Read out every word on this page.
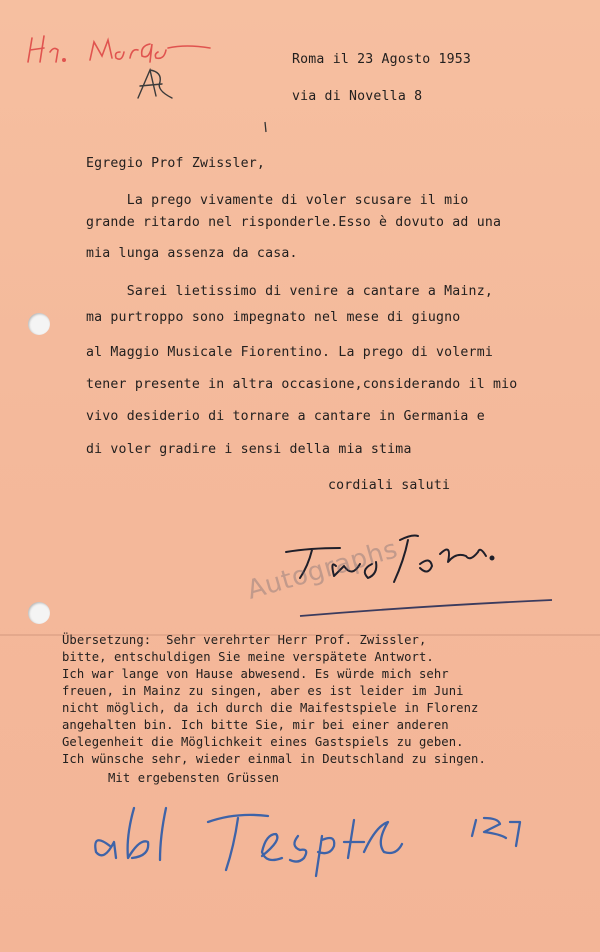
Autographs
Roma il 23 Agosto 1953
via di Novella 8
Egregio Prof Zwissler,
La prego vivamente di voler scusare il mio
grande ritardo nel risponderle.Esso è dovuto ad una
mia lunga assenza da casa.
Sarei lietissimo di venire a cantare a Mainz,
ma purtroppo sono impegnato nel mese di giugno
al Maggio Musicale Fiorentino. La prego di volermi
tener presente in altra occasione,considerando il mio
vivo desiderio di tornare a cantare in Germania e
di voler gradire i sensi della mia stima
cordiali saluti
Übersetzung:  Sehr verehrter Herr Prof. Zwissler,
bitte, entschuldigen Sie meine verspätete Antwort.
Ich war lange von Hause abwesend. Es würde mich sehr
freuen, in Mainz zu singen, aber es ist leider im Juni
nicht möglich, da ich durch die Maifestspiele in Florenz
angehalten bin. Ich bitte Sie, mir bei einer anderen
Gelegenheit die Möglichkeit eines Gastspiels zu geben.
Ich wünsche sehr, wieder einmal in Deutschland zu singen.
Mit ergebensten Grüssen
